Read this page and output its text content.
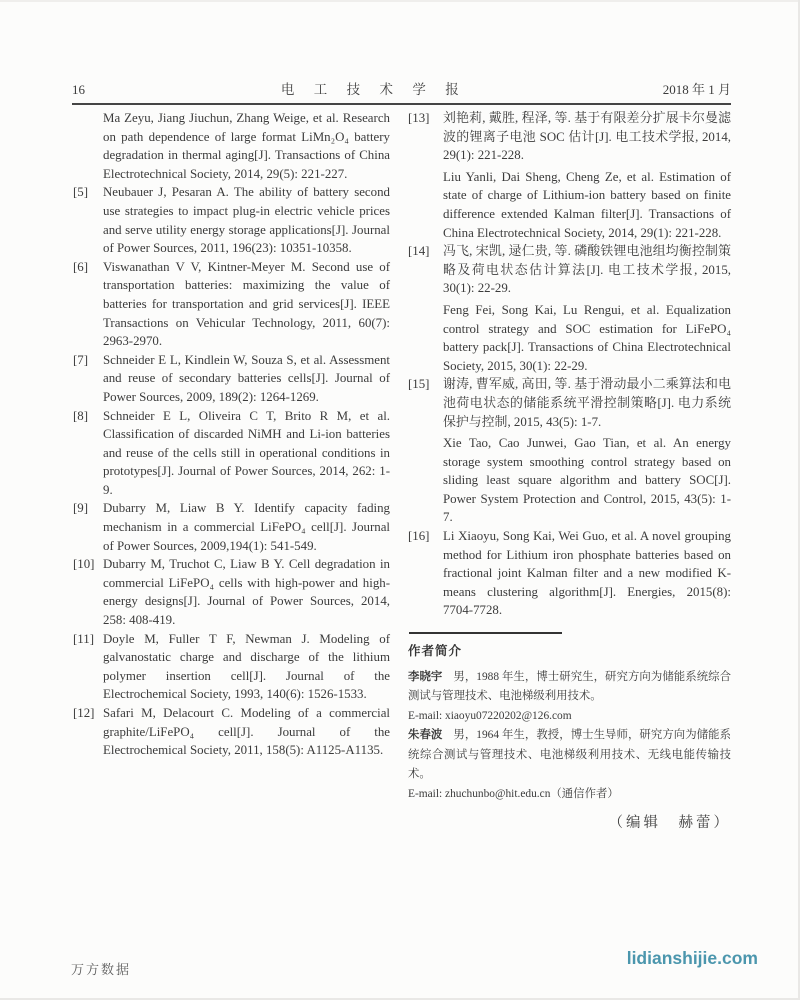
16	电 工 技 术 学 报	2018 年 1 月

Ma Zeyu, Jiang Jiuchun, Zhang Weige, et al. Research on path dependence of large format LiMn₂O₄ battery degradation in thermal aging[J]. Transactions of China Electrotechnical Society, 2014, 29(5): 221-227.

[5]	Neubauer J, Pesaran A. The ability of battery second use strategies to impact plug-in electric vehicle prices and serve utility energy storage applications[J]. Journal of Power Sources, 2011, 196(23): 10351-10358.

[6]	Viswanathan V V, Kintner-Meyer M. Second use of transportation batteries: maximizing the value of batteries for transportation and grid services[J]. IEEE Transactions on Vehicular Technology, 2011, 60(7): 2963-2970.

[7]	Schneider E L, Kindlein W, Souza S, et al. Assessment and reuse of secondary batteries cells[J]. Journal of Power Sources, 2009, 189(2): 1264-1269.

[8]	Schneider E L, Oliveira C T, Brito R M, et al. Classification of discarded NiMH and Li-ion batteries and reuse of the cells still in operational conditions in prototypes[J]. Journal of Power Sources, 2014, 262: 1-9.

[9]	Dubarry M, Liaw B Y. Identify capacity fading mechanism in a commercial LiFePO₄ cell[J]. Journal of Power Sources, 2009,194(1): 541-549.

[10] Dubarry M, Truchot C, Liaw B Y. Cell degradation in commercial LiFePO₄ cells with high-power and high-energy designs[J]. Journal of Power Sources, 2014, 258: 408-419.

[11] Doyle M, Fuller T F, Newman J. Modeling of galvanostatic charge and discharge of the lithium polymer insertion cell[J]. Journal of the Electrochemical Society, 1993, 140(6): 1526-1533.

[12] Safari M, Delacourt C. Modeling of a commercial graphite/LiFePO₄ cell[J]. Journal of the Electrochemical Society, 2011, 158(5): A1125-A1135.

[13]	刘艳莉, 戴胜, 程泽, 等. 基于有限差分扩展卡尔曼滤波的锂离子电池 SOC 估计[J]. 电工技术学报, 2014, 29(1): 221-228.

Liu Yanli, Dai Sheng, Cheng Ze, et al. Estimation of state of charge of Lithium-ion battery based on finite difference extended Kalman filter[J]. Transactions of China Electrotechnical Society, 2014, 29(1): 221-228.

[14]	冯飞, 宋凯, 逯仁贵, 等. 磷酸铁锂电池组均衡控制策略及荷电状态估计算法[J]. 电工技术学报, 2015, 30(1): 22-29.

Feng Fei, Song Kai, Lu Rengui, et al. Equalization control strategy and SOC estimation for LiFePO₄ battery pack[J]. Transactions of China Electrotechnical Society, 2015, 30(1): 22-29.

[15]	谢涛, 曹军威, 高田, 等. 基于滑动最小二乘算法和电池荷电状态的储能系统平滑控制策略[J]. 电力系统保护与控制, 2015, 43(5): 1-7.

Xie Tao, Cao Junwei, Gao Tian, et al. An energy storage system smoothing control strategy based on sliding least square algorithm and battery SOC[J]. Power System Protection and Control, 2015, 43(5): 1-7.

[16]	Li Xiaoyu, Song Kai, Wei Guo, et al. A novel grouping method for Lithium iron phosphate batteries based on fractional joint Kalman filter and a new modified K-means clustering algorithm[J]. Energies, 2015(8): 7704-7728.

作者简介

李晓宇 男，1988 年生，博士研究生，研究方向为储能系统综合测试与管理技术、电池梯级利用技术。

E-mail: xiaoyu07220202@126.com

朱春波 男，1964 年生，教授，博士生导师，研究方向为储能系统综合测试与管理技术、电池梯级利用技术、无线电能传输技术。

E-mail: zhuchunbo@hit.edu.cn（通信作者）

（编辑　赫蕾）
万方数据
lidianshijie.com
